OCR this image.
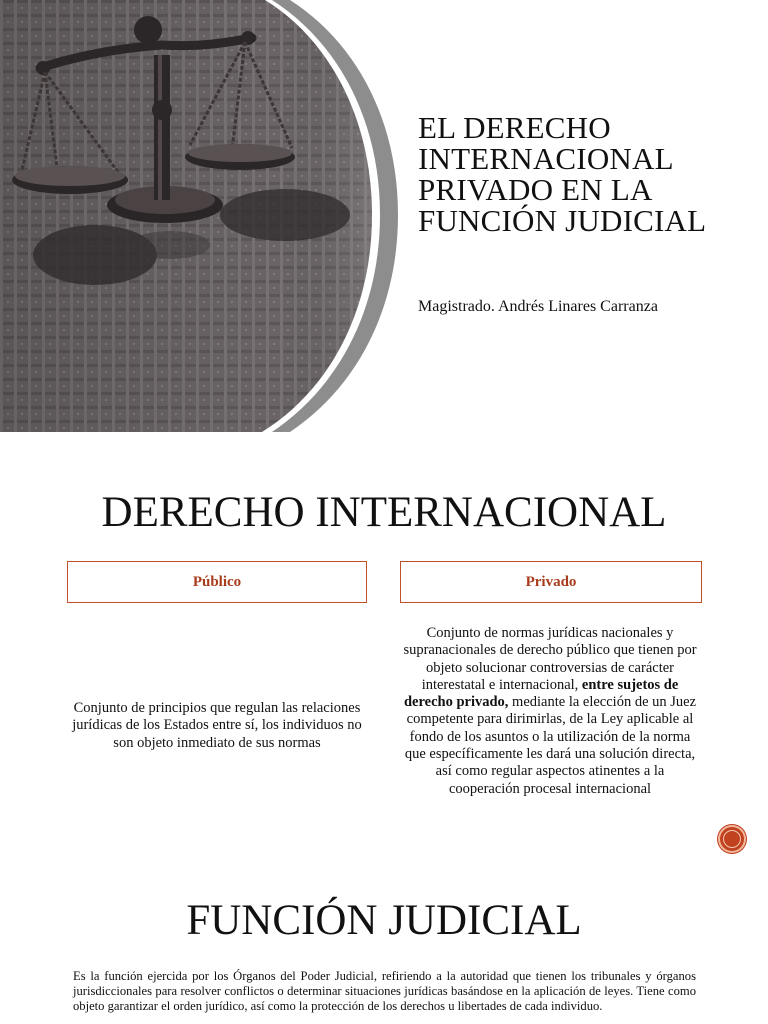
EL DERECHO INTERNACIONAL PRIVADO EN LA FUNCIÓN JUDICIAL
Magistrado. Andrés Linares Carranza
DERECHO INTERNACIONAL
Público	Privado
Conjunto de principios que regulan las relaciones jurídicas de los Estados entre sí, los individuos no son objeto inmediato de sus normas
Conjunto de normas jurídicas nacionales y supranacionales de derecho público que tienen por objeto solucionar controversias de carácter interestatal e internacional, entre sujetos de derecho privado, mediante la elección de un Juez competente para dirimirlas, de la Ley aplicable al fondo de los asuntos o la utilización de la norma que específicamente les dará una solución directa, así como regular aspectos atinentes a la cooperación procesal internacional
FUNCIÓN JUDICIAL
Es la función ejercida por los Órganos del Poder Judicial, refiriendo a la autoridad que tienen los tribunales y órganos jurisdiccionales para resolver conflictos o determinar situaciones jurídicas basándose en la aplicación de leyes. Tiene como objeto garantizar el orden jurídico, así como la protección de los derechos u libertades de cada individuo.
